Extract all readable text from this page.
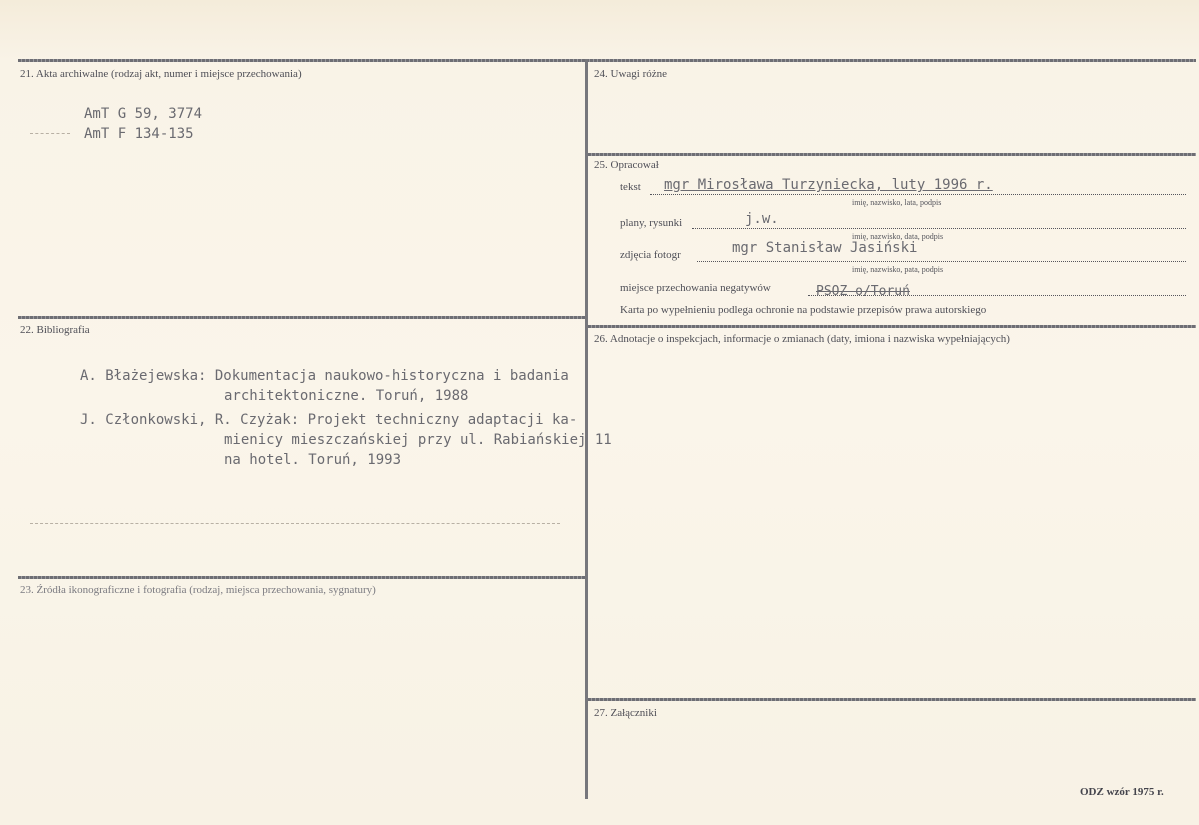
21. Akta archiwalne (rodzaj akt, numer i miejsce przechowania)
AmT G 59, 3774
AmT F 134-135
22. Bibliografia
A. Błażejewska: Dokumentacja naukowo-historyczna i badania
architektoniczne. Toruń, 1988
J. Członkowski, R. Czyżak: Projekt techniczny adaptacji ka-
mienicy mieszczańskiej przy ul. Rabiańskiej 11
na hotel. Toruń, 1993
23. Źródła ikonograficzne i fotografia (rodzaj, miejsca przechowania, sygnatury)
24. Uwagi różne
25. Opracował
tekst mgr Mirosława Turzyniecka, luty 1996 r.
imię, nazwisko, lata, podpis
plany, rysunki	j.w.
imię, nazwisko, data, podpis
zdjęcia fotogr	mgr Stanisław Jasiński
imię, nazwisko, pata, podpis
miejsce przechowania negatywów	PSOZ o/Toruń
Karta po wypełnieniu podlega ochronie na podstawie przepisów prawa autorskiego
26. Adnotacje o inspekcjach, informacje o zmianach (daty, imiona i nazwiska wypełniających)
27. Załączniki
ODZ wzór 1975 r.
